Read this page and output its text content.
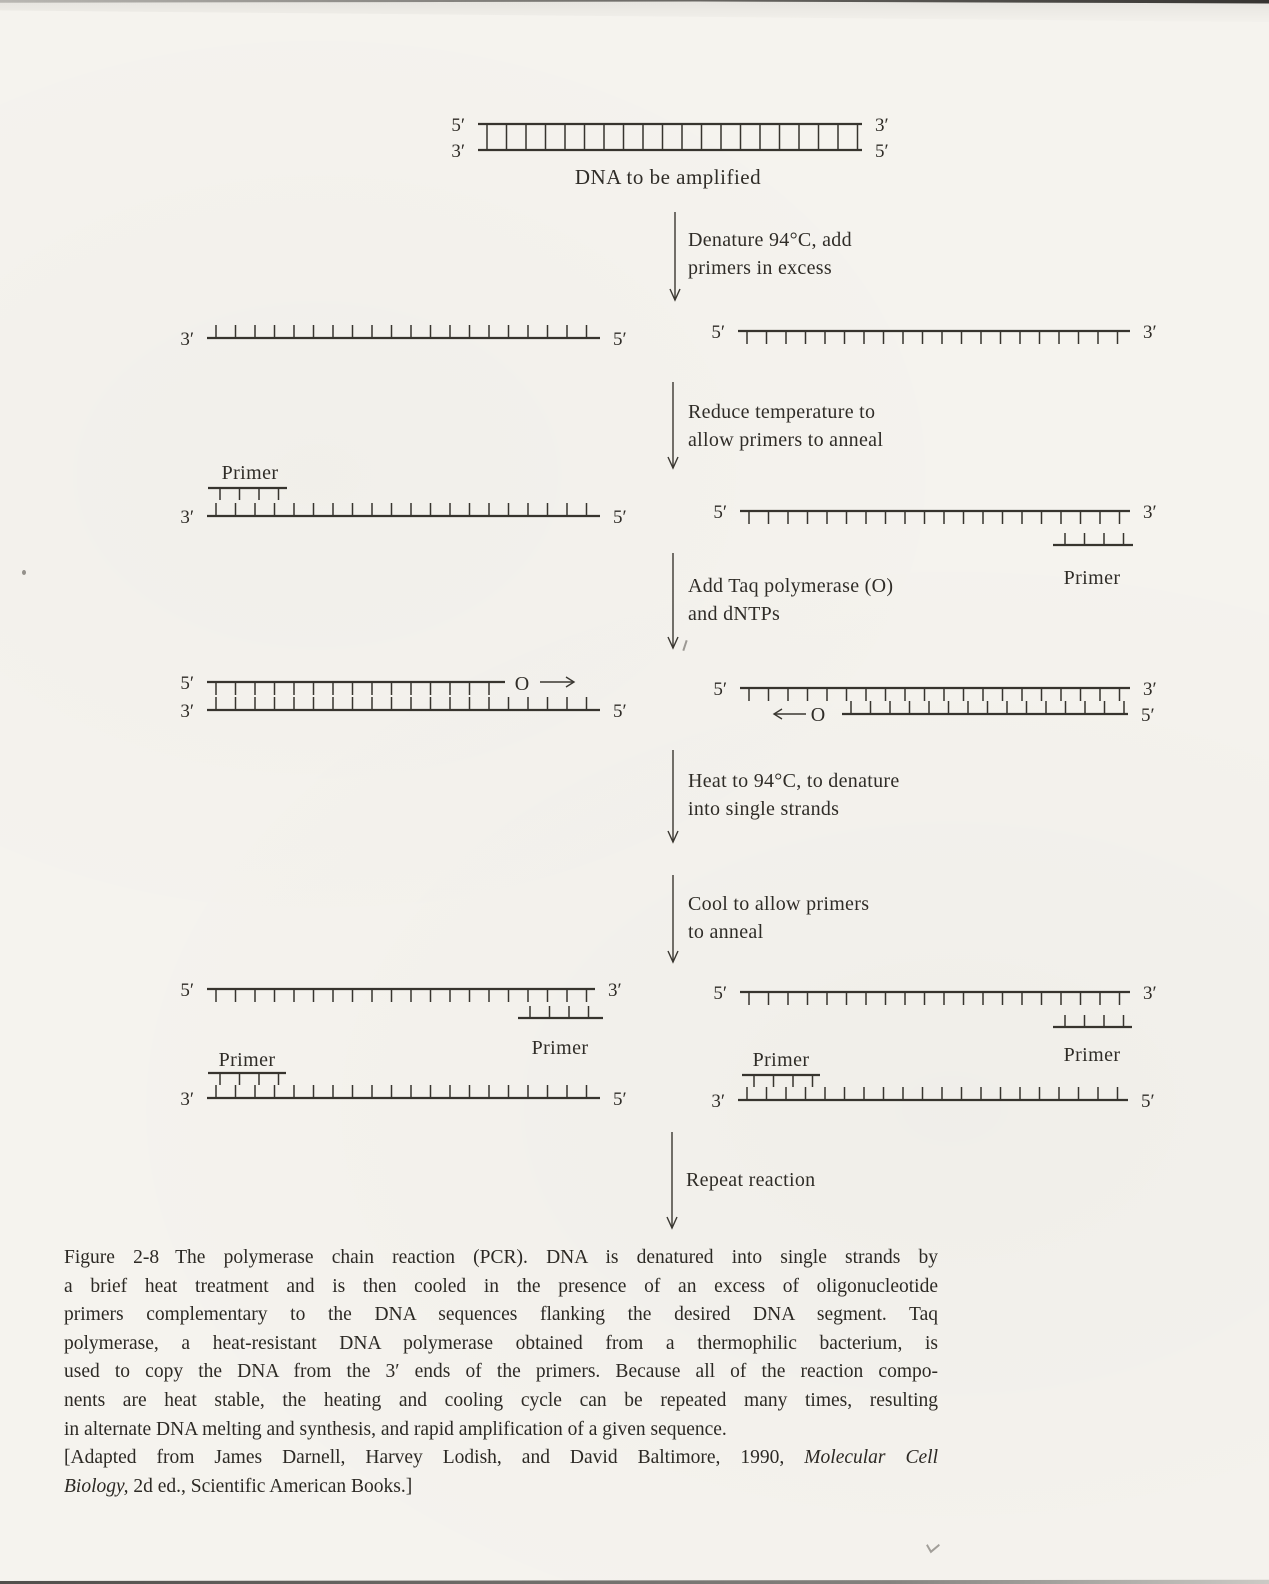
5′	3′
3′	5′
3′	5′	5′	3′
3′	5′	5′	3′
5′
3′	5′
5′	3′
5′
5′	3′
3′	5′
5′	3′
3′	5′
Primer
Primer
Primer
Primer	Primer
Primer
Denature 94°C, add
primers in excess
Reduce temperature to
allow primers to anneal
Add Taq polymerase (O)
and dNTPs
Heat to 94°C, to denature
into single strands
Cool to allow primers
to anneal
Repeat reaction
O
O
DNA to be amplified
Figure 2-8 The polymerase chain reaction (PCR). DNA is denatured into single strands by
a brief heat treatment and is then cooled in the presence of an excess of oligonucleotide
primers complementary to the DNA sequences flanking the desired DNA segment. Taq
polymerase, a heat-resistant DNA polymerase obtained from a thermophilic bacterium, is
used to copy the DNA from the 3′ ends of the primers. Because all of the reaction compo-
nents are heat stable, the heating and cooling cycle can be repeated many times, resulting
in alternate DNA melting and synthesis, and rapid amplification of a given sequence.
[Adapted from James Darnell, Harvey Lodish, and David Baltimore, 1990, Molecular Cell
Biology, 2d ed., Scientific American Books.]
